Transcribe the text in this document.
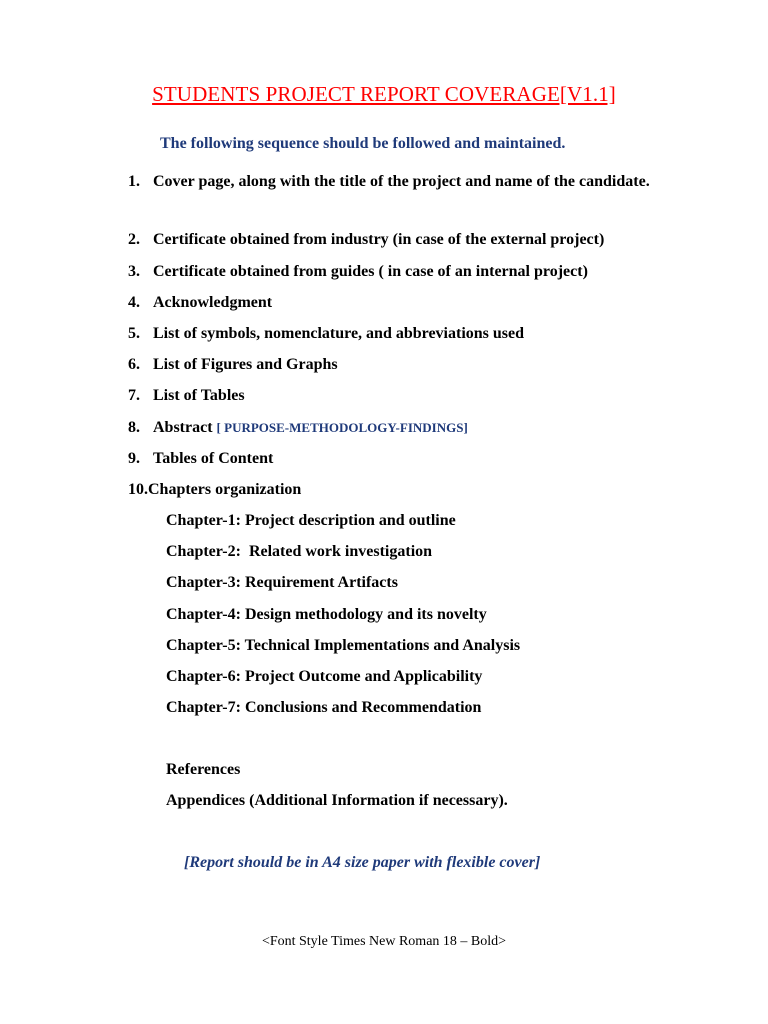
STUDENTS PROJECT REPORT COVERAGE[V1.1]
The following sequence should be followed and maintained.
1. Cover page, along with the title of the project and name of the candidate.
2. Certificate obtained from industry (in case of the external project)
3. Certificate obtained from guides ( in case of an internal project)
4. Acknowledgment
5. List of symbols, nomenclature, and abbreviations used
6. List of Figures and Graphs
7. List of Tables
8. Abstract [ PURPOSE-METHODOLOGY-FINDINGS]
9. Tables of Content
10.Chapters organization
Chapter-1: Project description and outline
Chapter-2:  Related work investigation
Chapter-3: Requirement Artifacts
Chapter-4: Design methodology and its novelty
Chapter-5: Technical Implementations and Analysis
Chapter-6: Project Outcome and Applicability
Chapter-7: Conclusions and Recommendation
References
Appendices (Additional Information if necessary).
[Report should be in A4 size paper with flexible cover]
<Font Style Times New Roman 18 – Bold>
